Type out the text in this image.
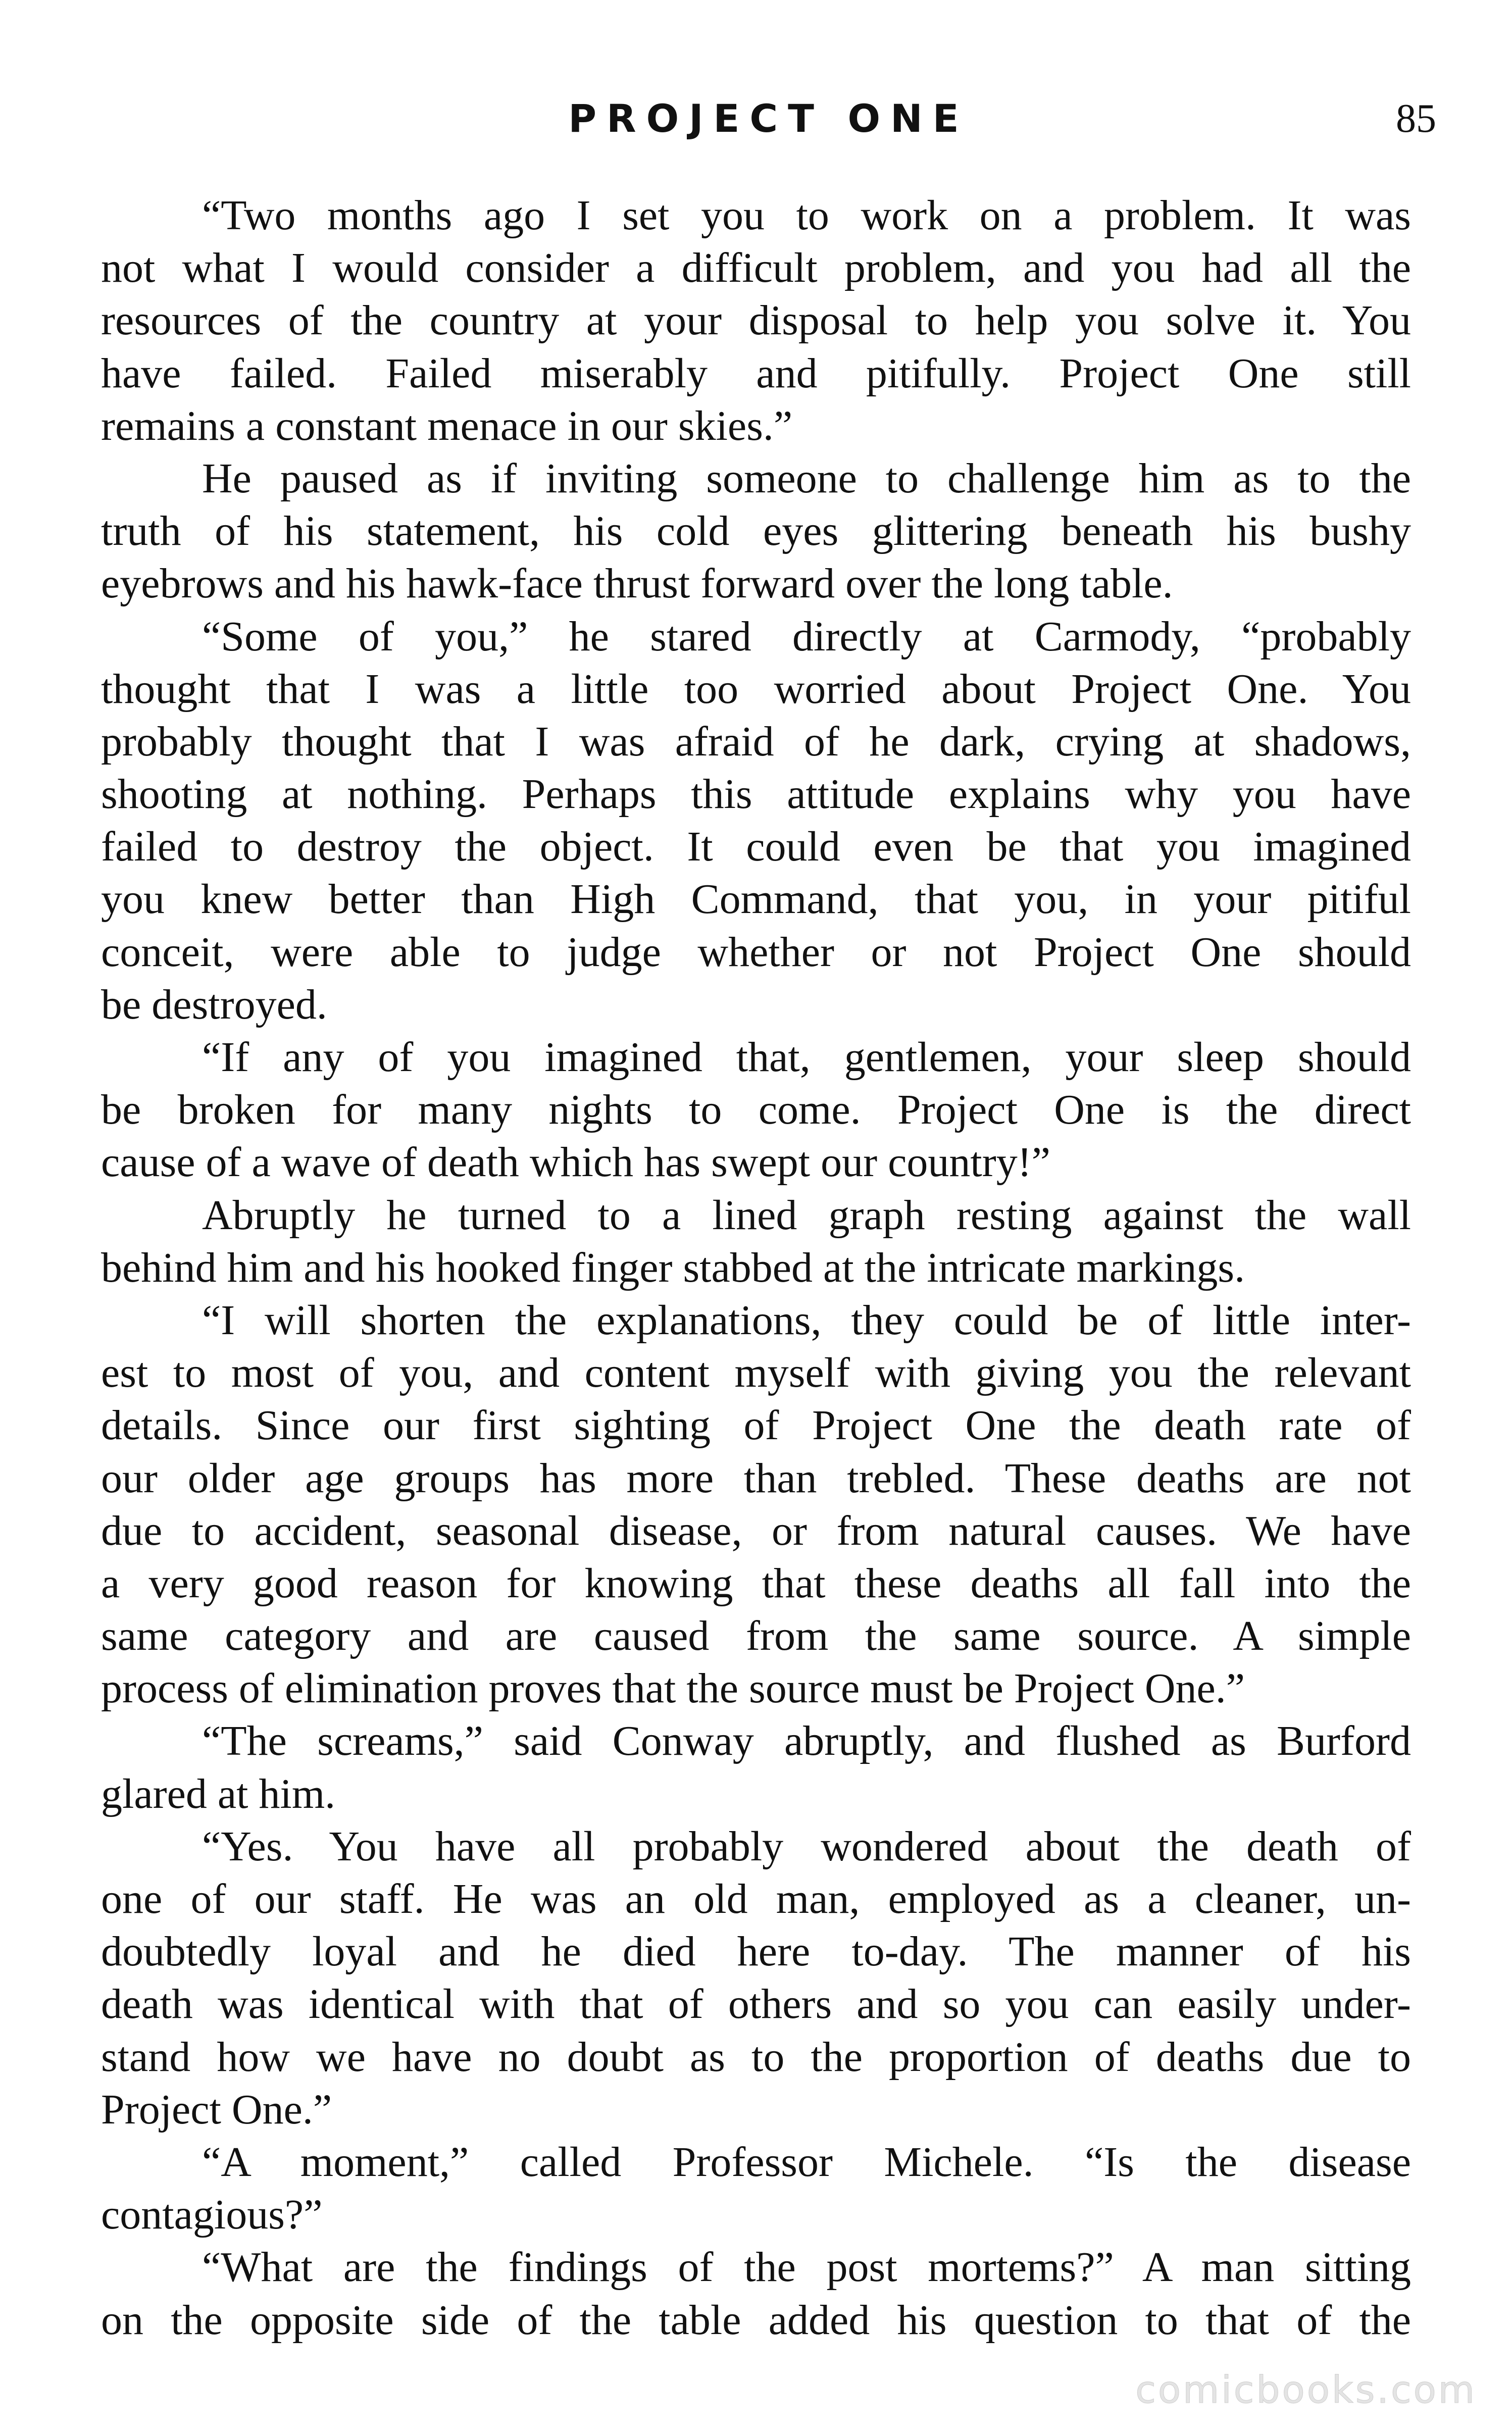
PROJECT ONE	85
“Two months ago I set you to work on a problem. It was
not what I would consider a difficult problem, and you had all the
resources of the country at your disposal to help you solve it. You
have failed. Failed miserably and pitifully. Project One still
remains a constant menace in our skies.”
He paused as if inviting someone to challenge him as to the
truth of his statement, his cold eyes glittering beneath his bushy
eyebrows and his hawk-face thrust forward over the long table.
“Some of you,” he stared directly at Carmody, “probably
thought that I was a little too worried about Project One. You
probably thought that I was afraid of he dark, crying at shadows,
shooting at nothing. Perhaps this attitude explains why you have
failed to destroy the object. It could even be that you imagined
you knew better than High Command, that you, in your pitiful
conceit, were able to judge whether or not Project One should
be destroyed.
“If any of you imagined that, gentlemen, your sleep should
be broken for many nights to come. Project One is the direct
cause of a wave of death which has swept our country!”
Abruptly he turned to a lined graph resting against the wall
behind him and his hooked finger stabbed at the intricate markings.
“I will shorten the explanations, they could be of little inter-
est to most of you, and content myself with giving you the relevant
details. Since our first sighting of Project One the death rate of
our older age groups has more than trebled. These deaths are not
due to accident, seasonal disease, or from natural causes. We have
a very good reason for knowing that these deaths all fall into the
same category and are caused from the same source. A simple
process of elimination proves that the source must be Project One.”
“The screams,” said Conway abruptly, and flushed as Burford
glared at him.
“Yes. You have all probably wondered about the death of
one of our staff. He was an old man, employed as a cleaner, un-
doubtedly loyal and he died here to-day. The manner of his
death was identical with that of others and so you can easily under-
stand how we have no doubt as to the proportion of deaths due to
Project One.”
“A moment,” called Professor Michele. “Is the disease
contagious?”
“What are the findings of the post mortems?” A man sitting
on the opposite side of the table added his question to that of the
comicbooks.com
